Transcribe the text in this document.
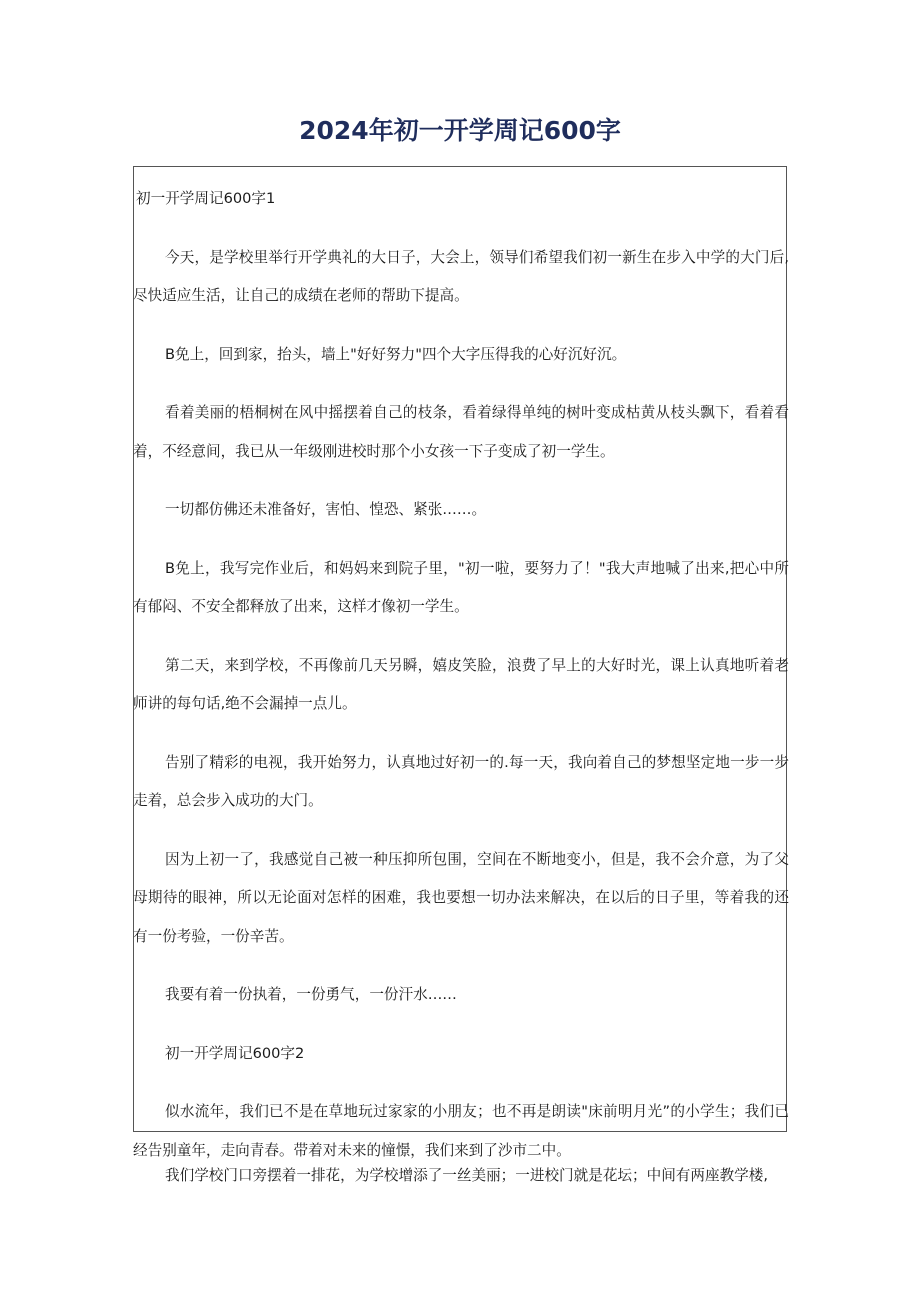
2024年初一开学周记600字

初一开学周记600字1

今天，是学校里举行开学典礼的大日子，大会上，领导们希望我们初一新生在步入中学的大门后,尽快适应生活，让自己的成绩在老师的帮助下提高。

B免上，回到家，抬头，墙上"好好努力"四个大字压得我的心好沉好沉。

看着美丽的梧桐树在风中摇摆着自己的枝条，看着绿得单纯的树叶变成枯黄从枝头飘下，看着看着，不经意间，我已从一年级刚进校时那个小女孩一下子变成了初一学生。

一切都仿佛还未准备好，害怕、惶恐、紧张……。

B免上，我写完作业后，和妈妈来到院子里，"初一啦，要努力了！"我大声地喊了出来,把心中所有郁闷、不安全都释放了出来，这样才像初一学生。

第二天，来到学校，不再像前几天另瞬，嬉皮笑脸，浪费了早上的大好时光，课上认真地听着老师讲的每句话,绝不会漏掉一点儿。

告别了精彩的电视，我开始努力，认真地过好初一的.每一天，我向着自己的梦想坚定地一步一步走着，总会步入成功的大门。

因为上初一了，我感觉自己被一种压抑所包围，空间在不断地变小，但是，我不会介意，为了父母期待的眼神，所以无论面对怎样的困难，我也要想一切办法来解决，在以后的日子里，等着我的还有一份考验，一份辛苦。

我要有着一份执着，一份勇气，一份汗水……

初一开学周记600字2

似水流年，我们已不是在草地玩过家家的小朋友；也不再是朗读"床前明月光”的小学生；我们已经告别童年，走向青春。带着对未来的憧憬，我们来到了沙市二中。

我们学校门口旁摆着一排花，为学校增添了一丝美丽；一进校门就是花坛；中间有两座教学楼,
